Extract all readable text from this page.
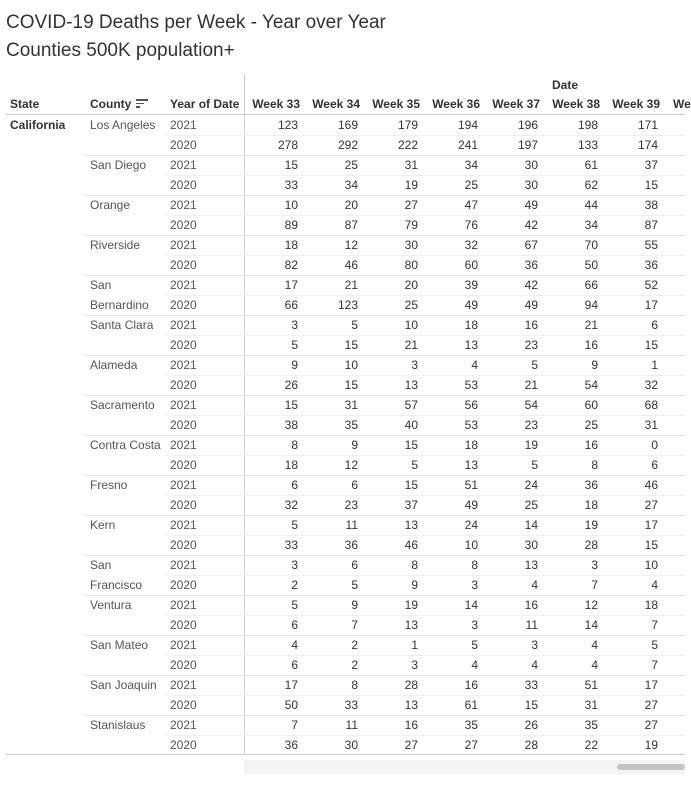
COVID-19 Deaths per Week - Year over Year
Counties 500K population+
Date
State	County	Year of Date	Week 33	Week 34	Week 35	Week 36	Week 37	Week 38	Week 39 We
California Los Angeles 2021	123	169	179	194	196	198	171
2020	278	292	222	241	197	133	174
San Diego 2021	15	25	31	34	30	61	37
2020	33	34	19	25	30	62	15
Orange	2021	10	20	27	47	49	44	38
2020	89	87	79	76	42	34	87
Riverside 2021	18	12	30	32	67	70	55
2020	82	46	80	60	36	50	36
San
Bernardino
2021	17	21	20	39	42	66	52
2020	66	123	25	49	49	94	17
Santa Clara 2021	3	5	10	18	16	21	6
2020	5	15	21	13	23	16	15
Alameda	2021	9	10	3	4	5	9	1
2020	26	15	13	53	21	54	32
Sacramento 2021	15	31	57	56	54	60	68
2020	38	35	40	53	23	25	31
Contra Costa 2021	8	9	15	18	19	16	0
2020	18	12	5	13	5	8	6
Fresno	2021	6	6	15	51	24	36	46
2020	32	23	37	49	25	18	27
Kern	2021	5	11	13	24	14	19	17
2020	33	36	46	10	30	28	15
San
Francisco
2021	3	6	8	8	13	3	10
2020	2	5	9	3	4	7	4
Ventura	2021	5	9	19	14	16	12	18
2020	6	7	13	3	11	14	7
San Mateo 2021	4	2	1	5	3	4	5
2020	6	2	3	4	4	4	7
San Joaquin 2021	17	8	28	16	33	51	17
2020	50	33	13	61	15	31	27
Stanislaus 2021	7	11	16	35	26	35	27
2020	36	30	27	27	28	22	19
